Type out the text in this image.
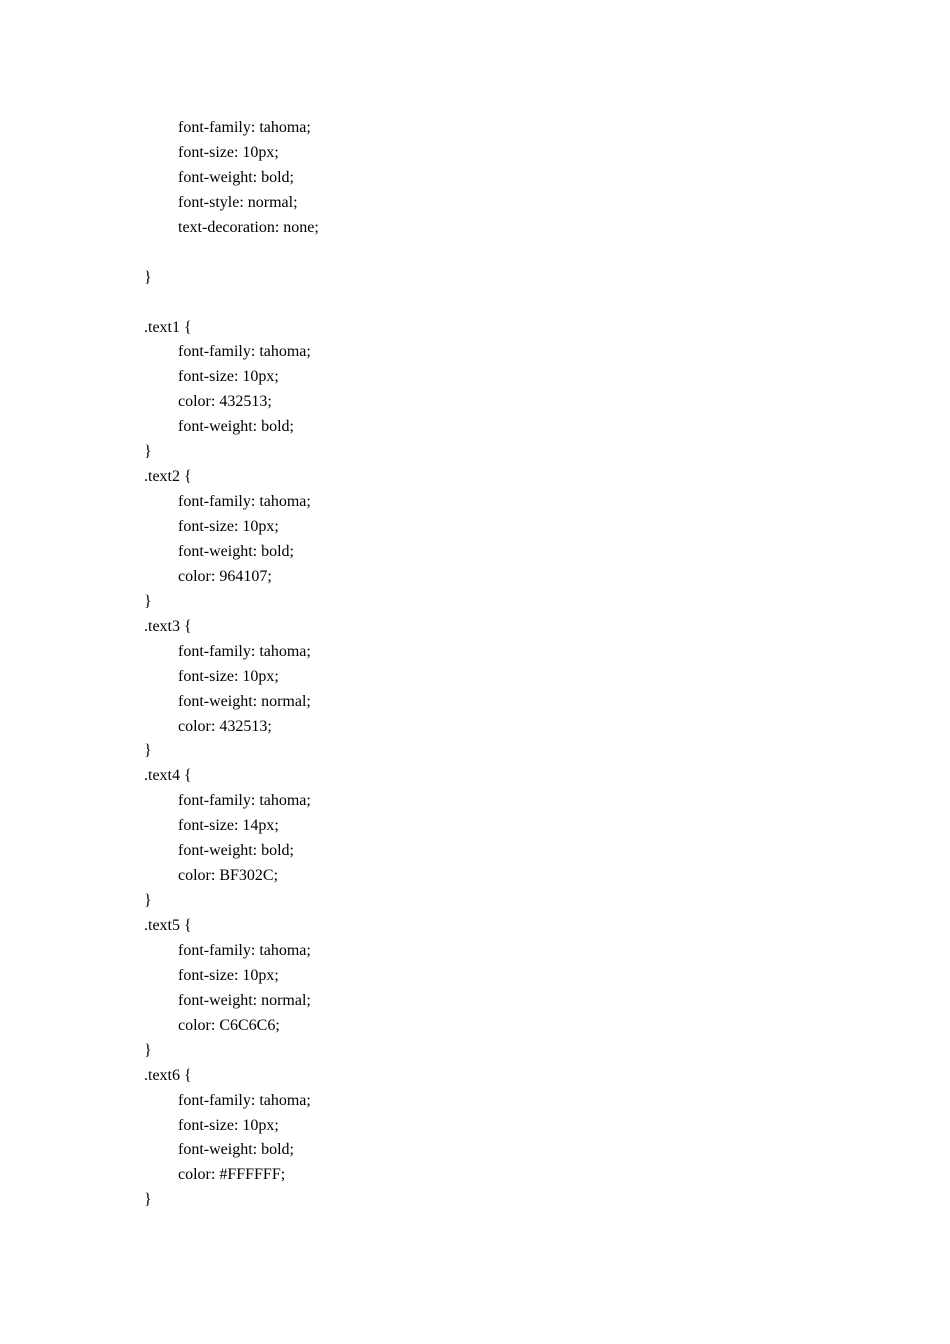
font-family: tahoma;
font-size: 10px;
font-weight: bold;
font-style: normal;
text-decoration: none;
}
.text1 {
font-family: tahoma;
font-size: 10px;
color: 432513;
font-weight: bold;
}
.text2 {
font-family: tahoma;
font-size: 10px;
font-weight: bold;
color: 964107;
}
.text3 {
font-family: tahoma;
font-size: 10px;
font-weight: normal;
color: 432513;
}
.text4 {
font-family: tahoma;
font-size: 14px;
font-weight: bold;
color: BF302C;
}
.text5 {
font-family: tahoma;
font-size: 10px;
font-weight: normal;
color: C6C6C6;
}
.text6 {
font-family: tahoma;
font-size: 10px;
font-weight: bold;
color: #FFFFFF;
}
